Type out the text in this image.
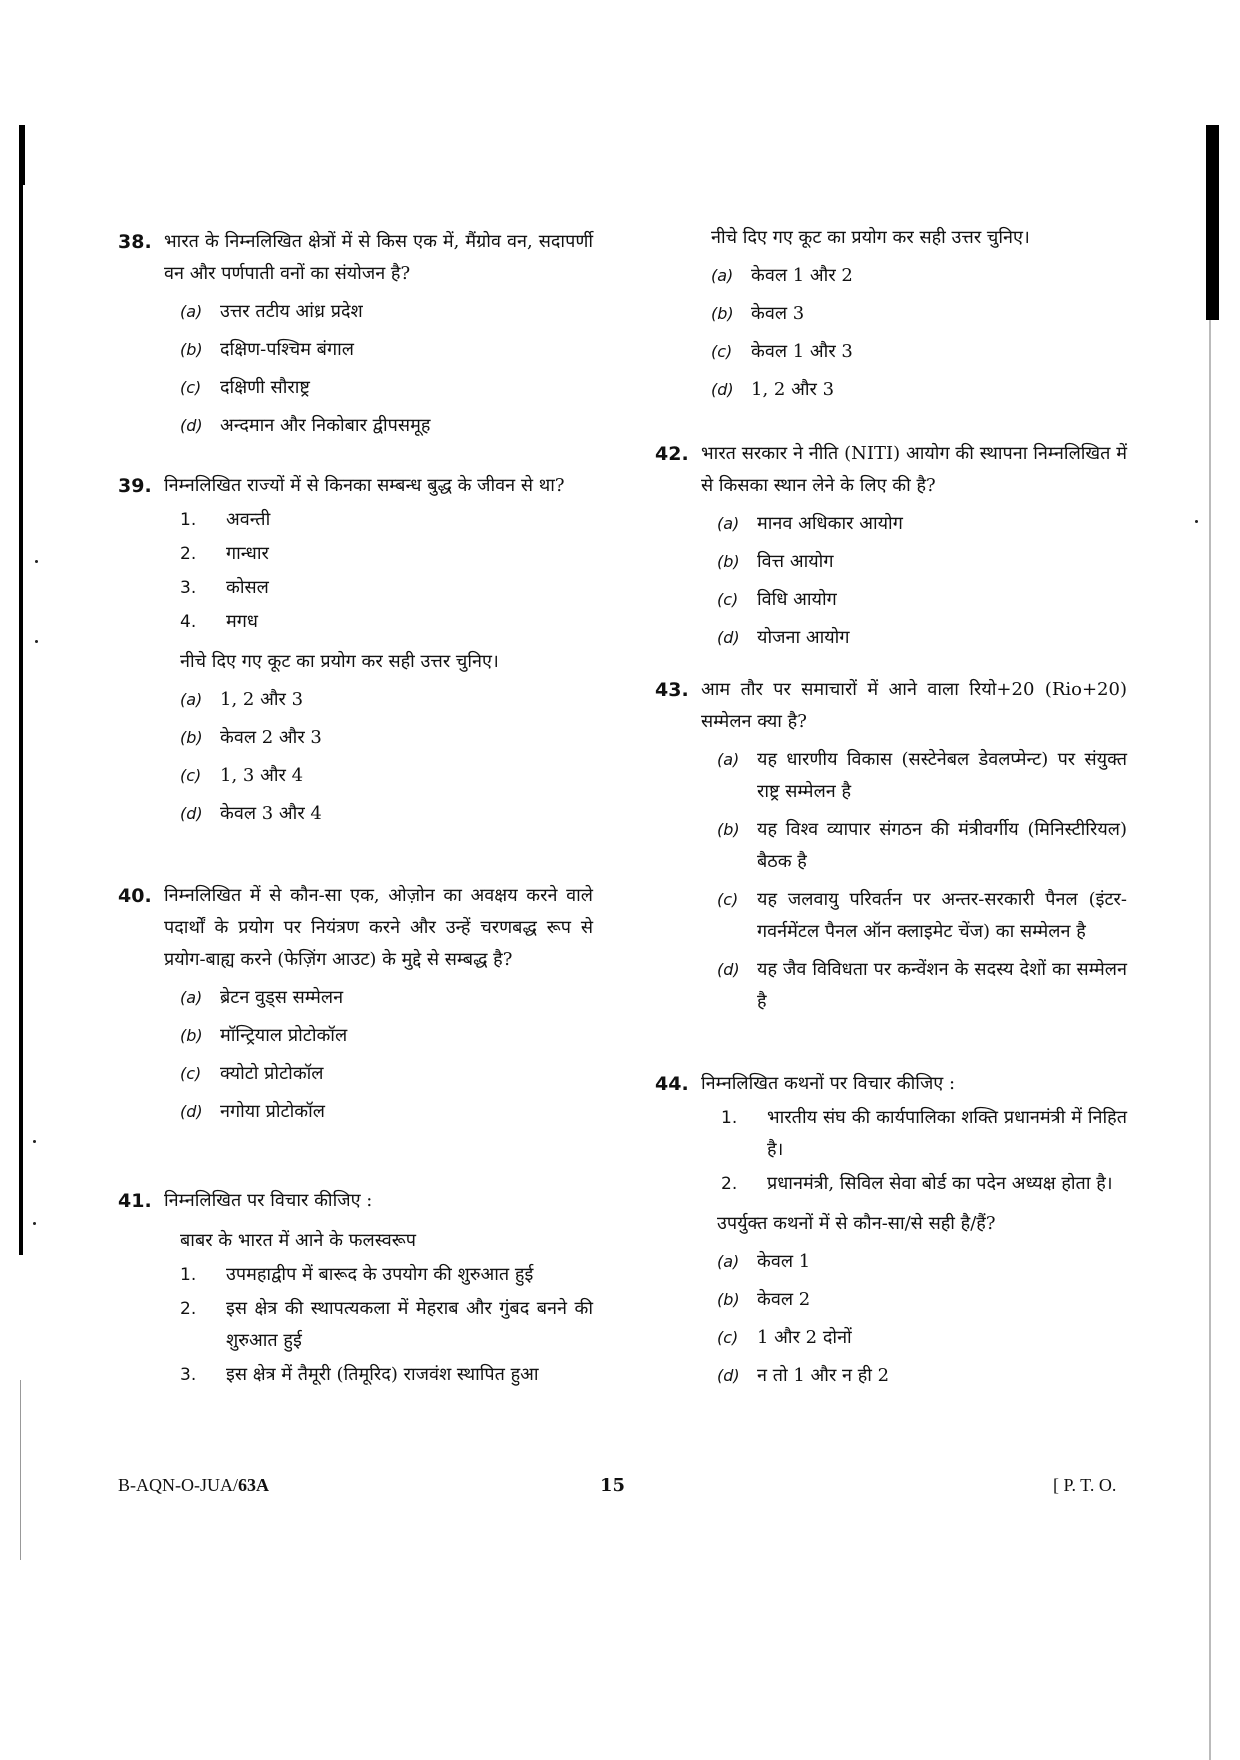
38. भारत के निम्नलिखित क्षेत्रों में से किस एक में, मैंग्रोव वन, सदापर्णी वन और पर्णपाती वनों का संयोजन है?
(a) उत्तर तटीय आंध्र प्रदेश
(b) दक्षिण-पश्चिम बंगाल
(c)	दक्षिणी सौराष्ट्र
(d) अन्दमान और निकोबार द्वीपसमूह
39. निम्नलिखित राज्यों में से किनका सम्बन्ध बुद्ध के जीवन से था?
1.	अवन्ती
2.	गान्धार
3.	कोसल
4.	मगध
नीचे दिए गए कूट का प्रयोग कर सही उत्तर चुनिए।
(a) 1, 2 और 3
(b) केवल 2 और 3
(c)	1, 3 और 4
(d) केवल 3 और 4
40. निम्नलिखित में से कौन-सा एक, ओज़ोन का अवक्षय करने वाले पदार्थों के प्रयोग पर नियंत्रण करने और उन्हें चरणबद्ध रूप से प्रयोग-बाह्य करने (फेज़िंग आउट) के मुद्दे से सम्बद्ध है?
(a) ब्रेटन वुड्स सम्मेलन
(b) मॉन्ट्रियाल प्रोटोकॉल
(c)	क्योटो प्रोटोकॉल
(d) नगोया प्रोटोकॉल
41. निम्नलिखित पर विचार कीजिए :
बाबर के भारत में आने के फलस्वरूप
1.	उपमहाद्वीप में बारूद के उपयोग की शुरुआत हुई
2.	इस क्षेत्र की स्थापत्यकला में मेहराब और गुंबद बनने की शुरुआत हुई
3.	इस क्षेत्र में तैमूरी (तिमूरिद) राजवंश स्थापित हुआ
नीचे दिए गए कूट का प्रयोग कर सही उत्तर चुनिए।
(a) केवल 1 और 2
(b) केवल 3
(c)	केवल 1 और 3
(d) 1, 2 और 3
42. भारत सरकार ने नीति (NITI) आयोग की स्थापना निम्नलिखित में से किसका स्थान लेने के लिए की है?
(a) मानव अधिकार आयोग
(b) वित्त आयोग
(c)	विधि आयोग
(d) योजना आयोग
43. आम तौर पर समाचारों में आने वाला रियो+20 (Rio+20) सम्मेलन क्या है?
(a) यह धारणीय विकास (सस्टेनेबल डेवलप्मेन्ट) पर संयुक्त राष्ट्र सम्मेलन है
(b) यह विश्व व्यापार संगठन की मंत्रीवर्गीय (मिनिस्टीरियल) बैठक है
(c)	यह जलवायु परिवर्तन पर अन्तर-सरकारी पैनल (इंटर-गवर्नमेंटल पैनल ऑन क्लाइमेट चेंज) का सम्मेलन है
(d) यह जैव विविधता पर कन्वेंशन के सदस्य देशों का सम्मेलन है
44. निम्नलिखित कथनों पर विचार कीजिए :
1.	भारतीय संघ की कार्यपालिका शक्ति प्रधानमंत्री में निहित है।
2.	प्रधानमंत्री, सिविल सेवा बोर्ड का पदेन अध्यक्ष होता है।
उपर्युक्त कथनों में से कौन-सा/से सही है/हैं?
(a) केवल 1
(b) केवल 2
(c)	1 और 2 दोनों
(d) न तो 1 और न ही 2
B-AQN-O-JUA/63A	15	[ P. T. O.
